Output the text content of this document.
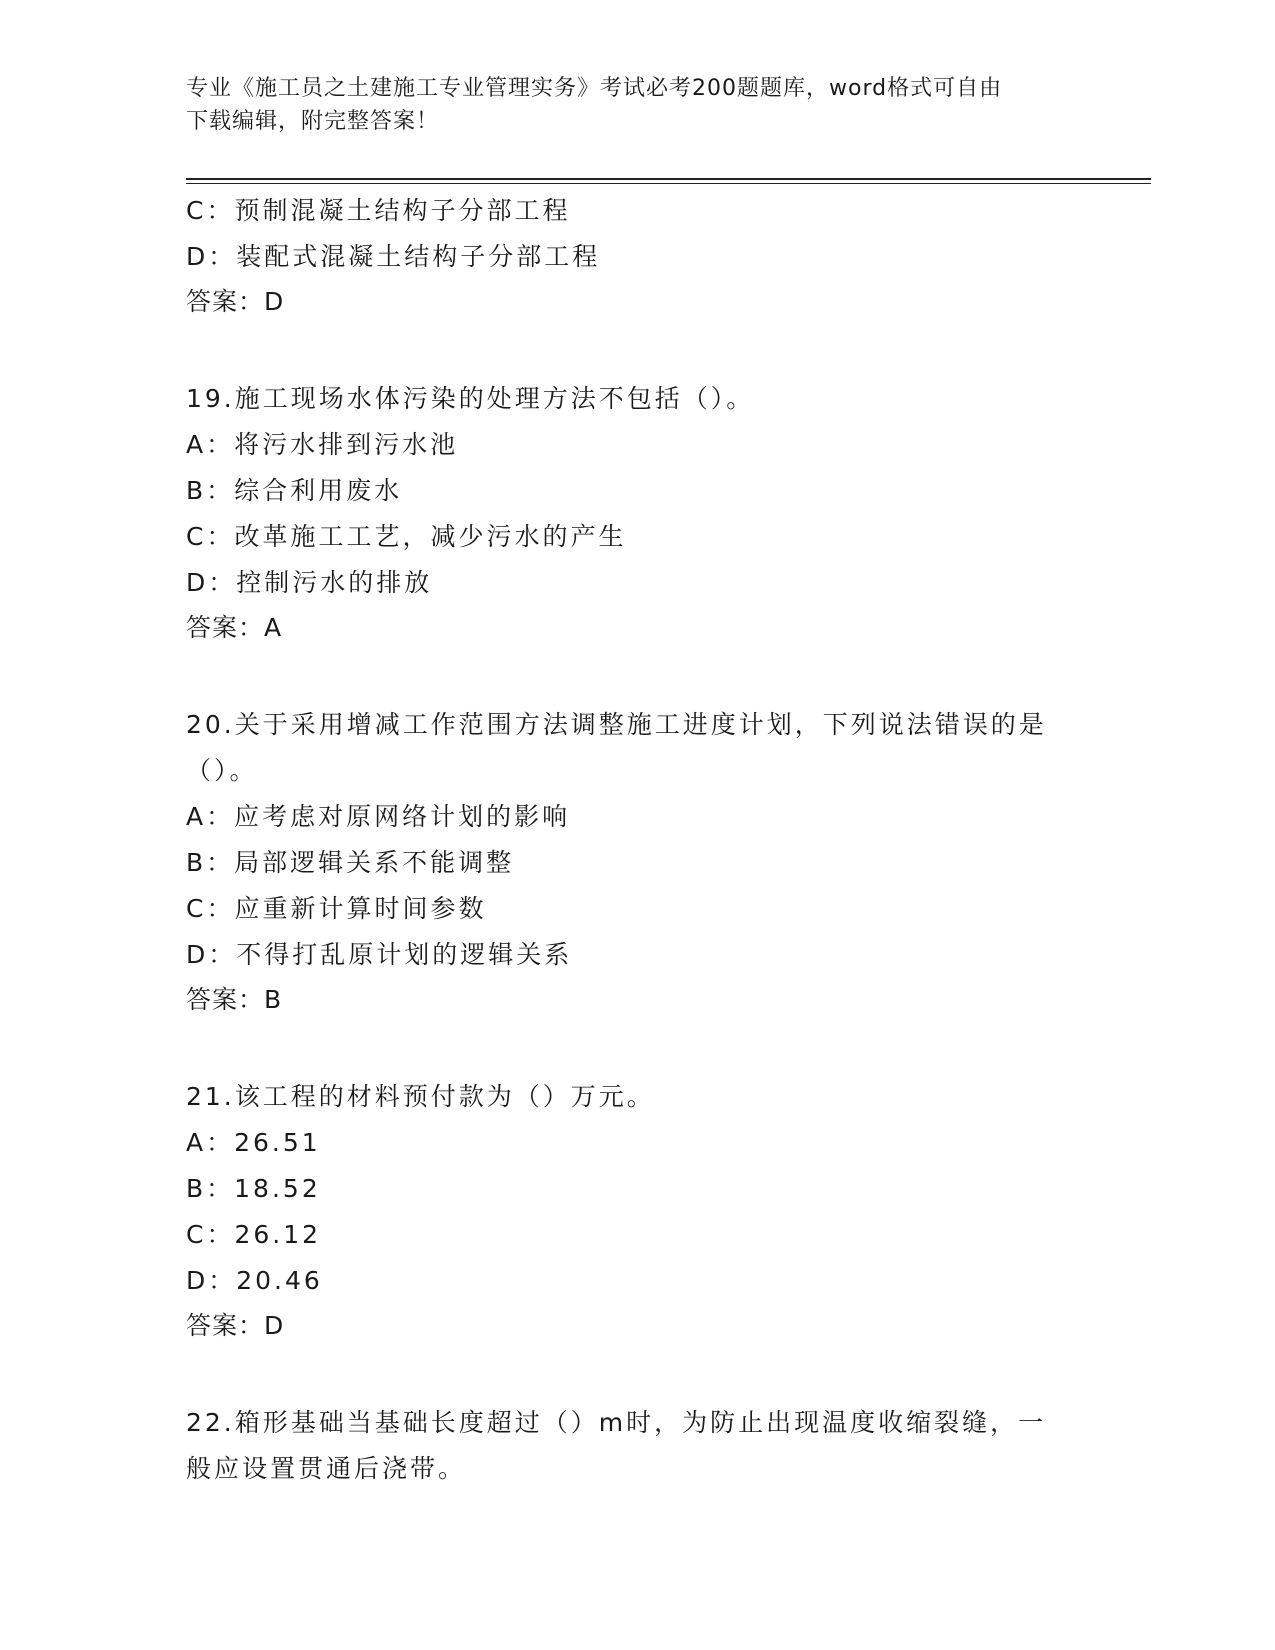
专业《施工员之土建施工专业管理实务》考试必考200题题库，word格式可自由
下载编辑，附完整答案！
C：预制混凝土结构子分部工程
D：装配式混凝土结构子分部工程
答案：D
19.施工现场水体污染的处理方法不包括（）。
A：将污水排到污水池
B：综合利用废水
C：改革施工工艺，减少污水的产生
D：控制污水的排放
答案：A
20.关于采用增减工作范围方法调整施工进度计划，下列说法错误的是
（）。
A：应考虑对原网络计划的影响
B：局部逻辑关系不能调整
C：应重新计算时间参数
D：不得打乱原计划的逻辑关系
答案：B
21.该工程的材料预付款为（）万元。
A：26.51
B：18.52
C：26.12
D：20.46
答案：D
22.箱形基础当基础长度超过（）m时，为防止出现温度收缩裂缝，一
般应设置贯通后浇带。
